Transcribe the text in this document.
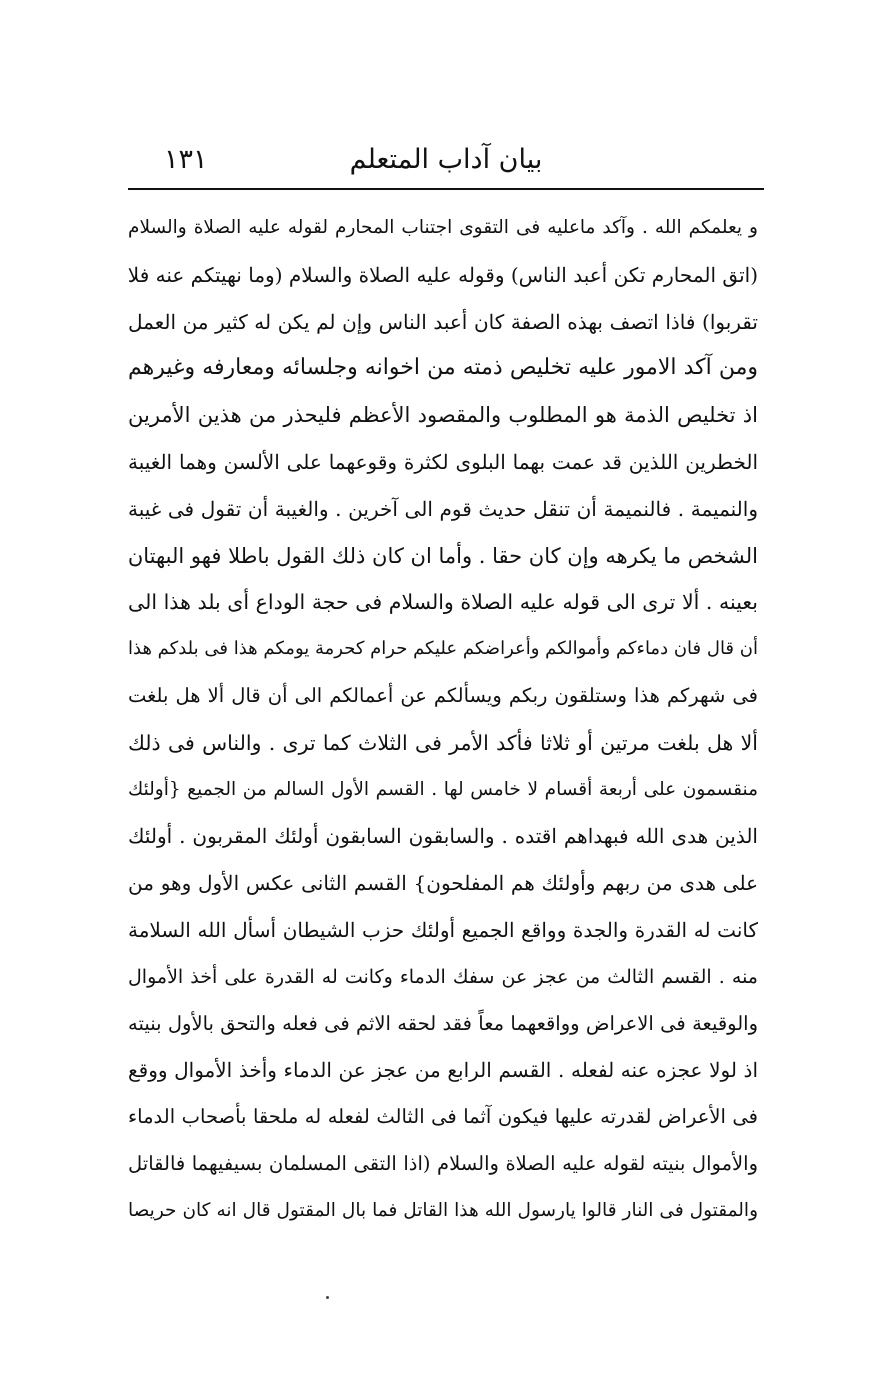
بيان آداب المتعلم
١٣١
و يعلمكم الله . وآكد ماعليه فى التقوى اجتناب المحارم لقوله عليه الصلاة والسلام
(اتق المحارم تكن أعبد الناس) وقوله عليه الصلاة والسلام (وما نهيتكم عنه فلا
تقربوا) فاذا اتصف بهذه الصفة كان أعبد الناس وإن لم يكن له كثير من العمل
ومن آكد الامور عليه تخليص ذمته من اخوانه وجلسائه ومعارفه وغيرهم
اذ تخليص الذمة هو المطلوب والمقصود الأعظم فليحذر من هذين الأمرين
الخطرين اللذين قد عمت بهما البلوى لكثرة وقوعهما على الألسن وهما الغيبة
والنميمة . فالنميمة أن تنقل حديث قوم الى آخرين . والغيبة أن تقول فى غيبة
الشخص ما يكرهه وإن كان حقا . وأما ان كان ذلك القول باطلا فهو البهتان
بعينه . ألا ترى الى قوله عليه الصلاة والسلام فى حجة الوداع أى بلد هذا الى
أن قال فان دماءكم وأموالكم وأعراضكم عليكم حرام كحرمة يومكم هذا فى بلدكم هذا
فى شهركم هذا وستلقون ربكم ويسألكم عن أعمالكم الى أن قال ألا هل بلغت
ألا هل بلغت مرتين أو ثلاثا فأكد الأمر فى الثلاث كما ترى . والناس فى ذلك
منقسمون على أربعة أقسام لا خامس لها . القسم الأول السالم من الجميع {أولئك
الذين هدى الله فبهداهم اقتده . والسابقون السابقون أولئك المقربون . أولئك
على هدى من ربهم وأولئك هم المفلحون} القسم الثانى عكس الأول وهو من
كانت له القدرة والجدة وواقع الجميع أولئك حزب الشيطان أسأل الله السلامة
منه . القسم الثالث من عجز عن سفك الدماء وكانت له القدرة على أخذ الأموال
والوقيعة فى الاعراض وواقعهما معاً فقد لحقه الاثم فى فعله والتحق بالأول بنيته
اذ لولا عجزه عنه لفعله . القسم الرابع من عجز عن الدماء وأخذ الأموال ووقع
فى الأعراض لقدرته عليها فيكون آثما فى الثالث لفعله له ملحقا بأصحاب الدماء
والأموال بنيته لقوله عليه الصلاة والسلام (اذا التقى المسلمان بسيفيهما فالقاتل
والمقتول فى النار قالوا يارسول الله هذا القاتل فما بال المقتول قال انه كان حريصا
